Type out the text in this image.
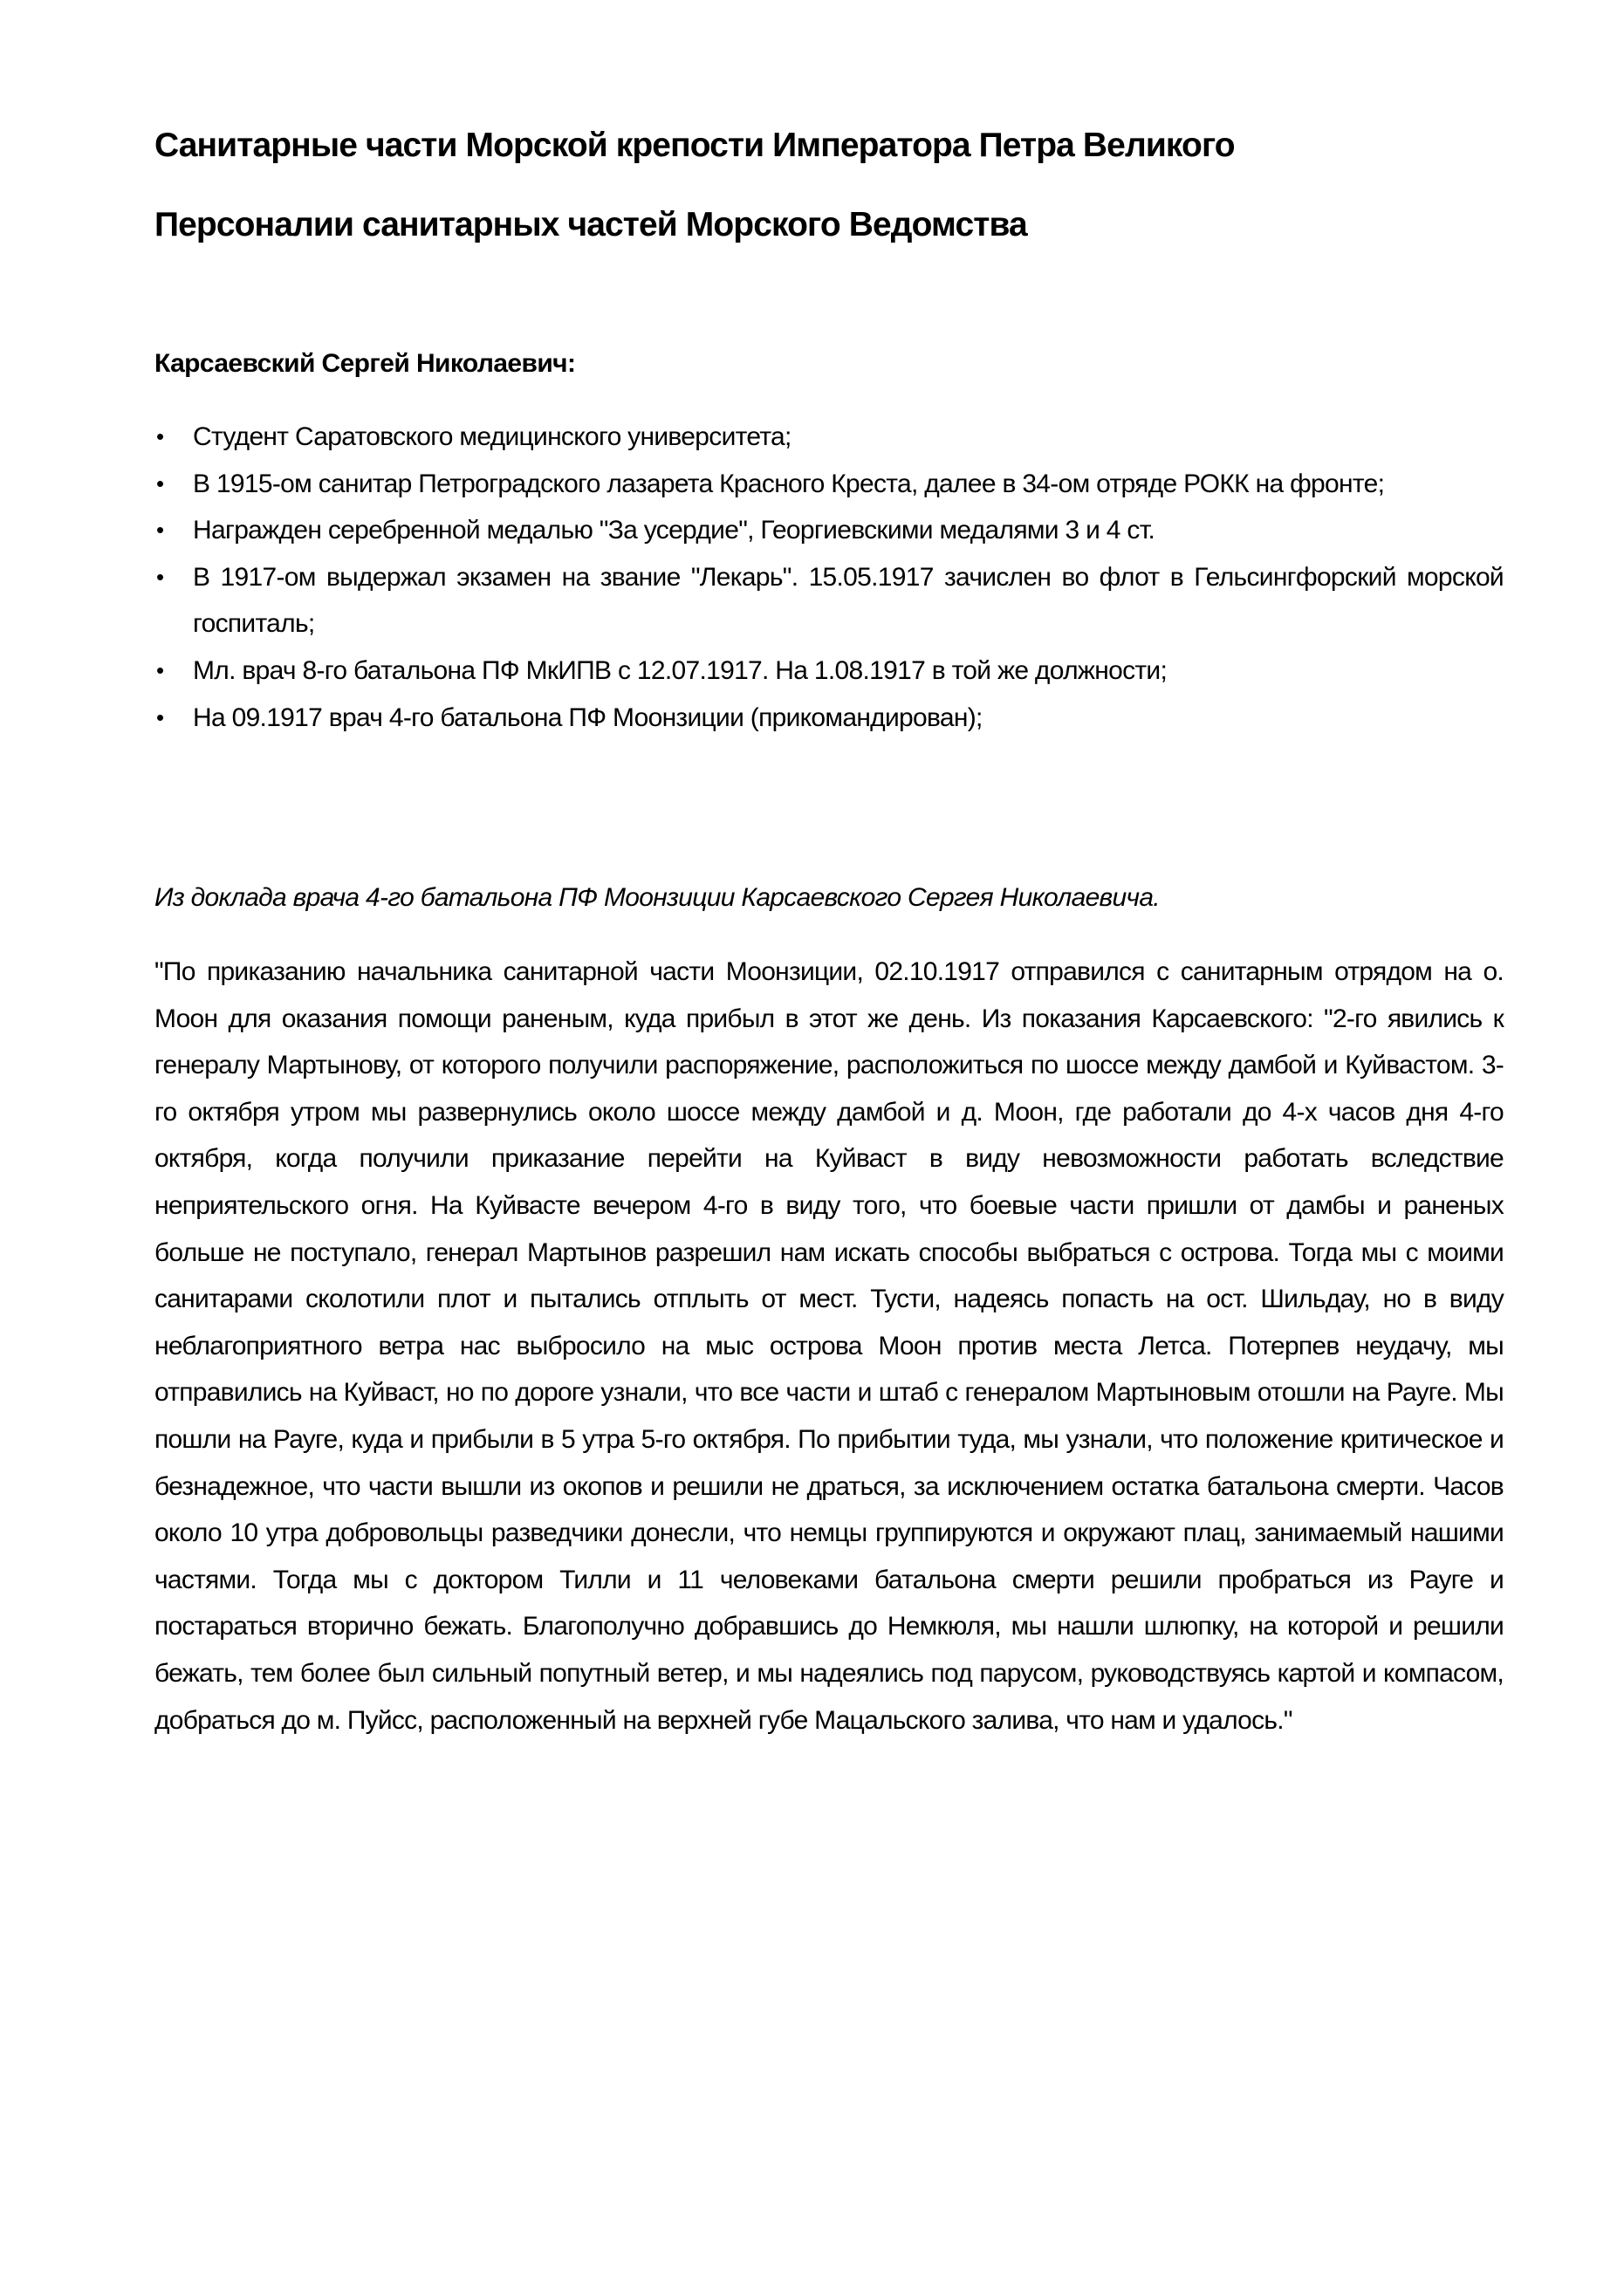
Санитарные части Морской крепости Императора Петра Великого
Персоналии санитарных частей Морского Ведомства

Карсаевский Сергей Николаевич:

• Студент Саратовского медицинского университета;
• В 1915-ом санитар Петроградского лазарета Красного Креста, далее в 34-ом отряде РОКК на фронте;
• Награжден серебренной медалью "За усердие", Георгиевскими медалями 3 и 4 ст.
• В 1917-ом выдержал экзамен на звание "Лекарь". 15.05.1917 зачислен во флот в Гельсингфорский морской госпиталь;
• Мл. врач 8-го батальона ПФ МкИПВ с 12.07.1917. На 1.08.1917 в той же должности;
• На 09.1917 врач 4-го батальона ПФ Моонзиции (прикомандирован);

Из доклада врача 4-го батальона ПФ Моонзиции Карсаевского Сергея Николаевича.

"По приказанию начальника санитарной части Моонзиции, 02.10.1917 отправился с санитарным отрядом на о. Моон для оказания помощи раненым, куда прибыл в этот же день. Из показания Карсаевского: "2-го явились к генералу Мартынову, от которого получили распоряжение, расположиться по шоссе между дамбой и Куйвастом. 3-го октября утром мы развернулись около шоссе между дамбой и д. Моон, где работали до 4-х часов дня 4-го октября, когда получили приказание перейти на Куйваст в виду невозможности работать вследствие неприятельского огня. На Куйвасте вечером 4-го в виду того, что боевые части пришли от дамбы и раненых больше не поступало, генерал Мартынов разрешил нам искать способы выбраться с острова. Тогда мы с моими санитарами сколотили плот и пытались отплыть от мест. Тусти, надеясь попасть на ост. Шильдау, но в виду неблагоприятного ветра нас выбросило на мыс острова Моон против места Летса. Потерпев неудачу, мы отправились на Куйваст, но по дороге узнали, что все части и штаб с генералом Мартыновым отошли на Рауге. Мы пошли на Рауге, куда и прибыли в 5 утра 5-го октября. По прибытии туда, мы узнали, что положение критическое и безнадежное, что части вышли из окопов и решили не драться, за исключением остатка батальона смерти. Часов около 10 утра добровольцы разведчики донесли, что немцы группируются и окружают плац, занимаемый нашими частями. Тогда мы с доктором Тилли и 11 человеками батальона смерти решили пробраться из Рауге и постараться вторично бежать. Благополучно добравшись до Немкюля, мы нашли шлюпку, на которой и решили бежать, тем более был сильный попутный ветер, и мы надеялись под парусом, руководствуясь картой и компасом, добраться до м. Пуйсс, расположенный на верхней губе Мацальского залива, что нам и удалось."
